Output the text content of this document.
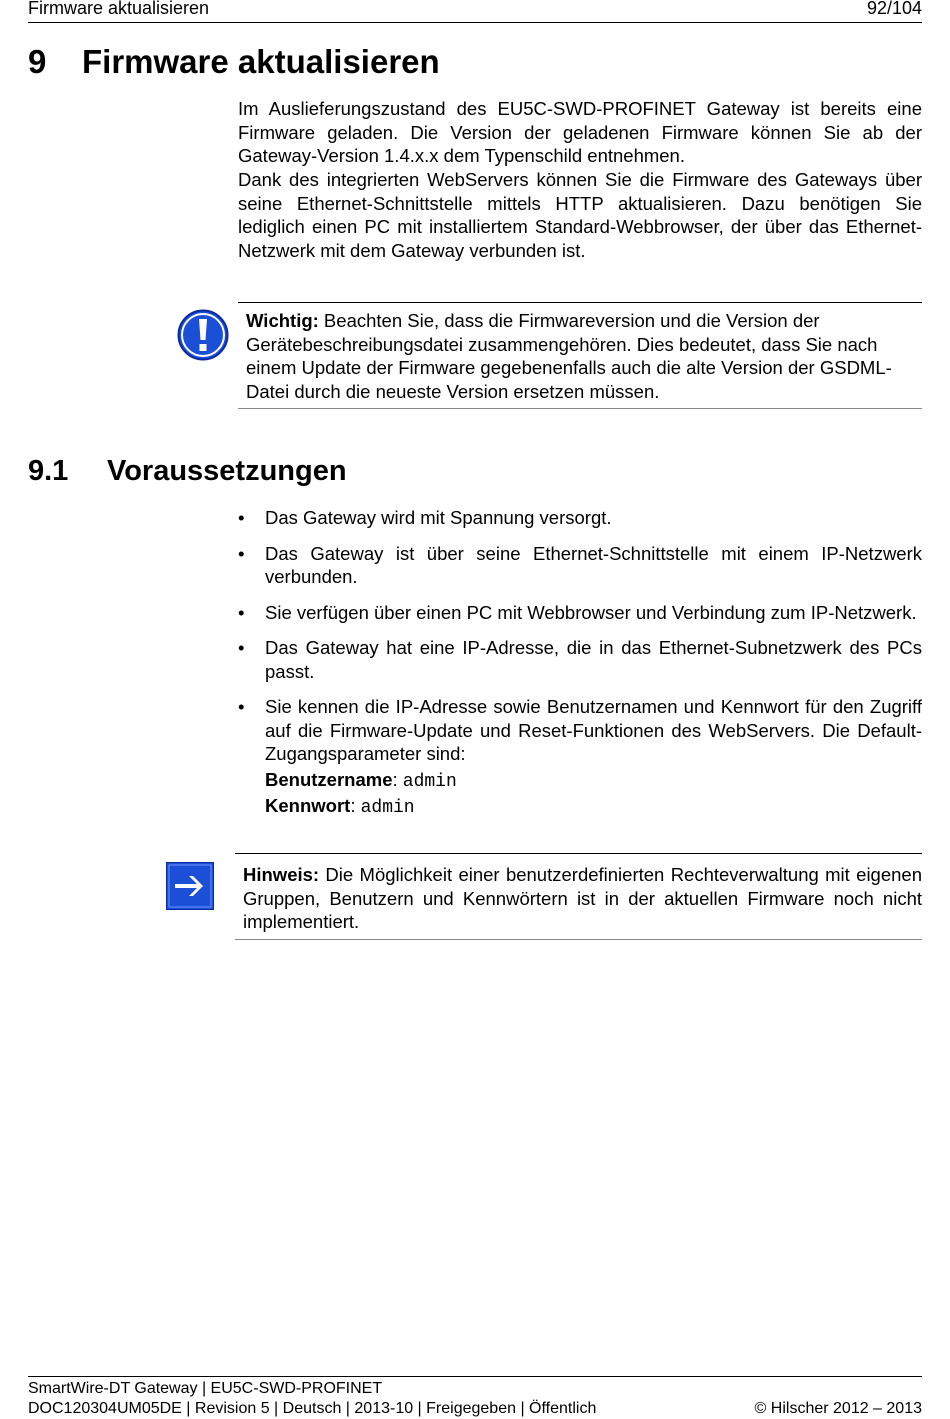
Firmware aktualisieren	92/104
9 Firmware aktualisieren

Im Auslieferungszustand des EU5C-SWD-PROFINET Gateway ist bereits eine Firmware geladen. Die Version der geladenen Firmware können Sie ab der Gateway-Version 1.4.x.x dem Typenschild entnehmen.

Dank des integrierten WebServers können Sie die Firmware des Gateways über seine Ethernet-Schnittstelle mittels HTTP aktualisieren. Dazu benötigen Sie lediglich einen PC mit installiertem Standard-Webbrowser, der über das Ethernet-Netzwerk mit dem Gateway verbunden ist.

Wichtig: Beachten Sie, dass die Firmwareversion und die Version der Gerätebeschreibungsdatei zusammengehören. Dies bedeutet, dass Sie nach einem Update der Firmware gegebenenfalls auch die alte Version der GSDML-Datei durch die neueste Version ersetzen müssen.

9.1 Voraussetzungen
• Das Gateway wird mit Spannung versorgt.
• Das Gateway ist über seine Ethernet-Schnittstelle mit einem IP-Netzwerk verbunden.
• Sie verfügen über einen PC mit Webbrowser und Verbindung zum IP-Netzwerk.
• Das Gateway hat eine IP-Adresse, die in das Ethernet-Subnetzwerk des PCs passt.
• Sie kennen die IP-Adresse sowie Benutzernamen und Kennwort für den Zugriff auf die Firmware-Update und Reset-Funktionen des WebServers. Die Default-Zugangsparameter sind:
Benutzername: admin
Kennwort: admin

Hinweis: Die Möglichkeit einer benutzerdefinierten Rechteverwaltung mit eigenen Gruppen, Benutzern und Kennwörtern ist in der aktuellen Firmware noch nicht implementiert.

SmartWire-DT Gateway | EU5C-SWD-PROFINET
DOC120304UM05DE | Revision 5 | Deutsch | 2013-10 | Freigegeben | Öffentlich	© Hilscher 2012 – 2013
